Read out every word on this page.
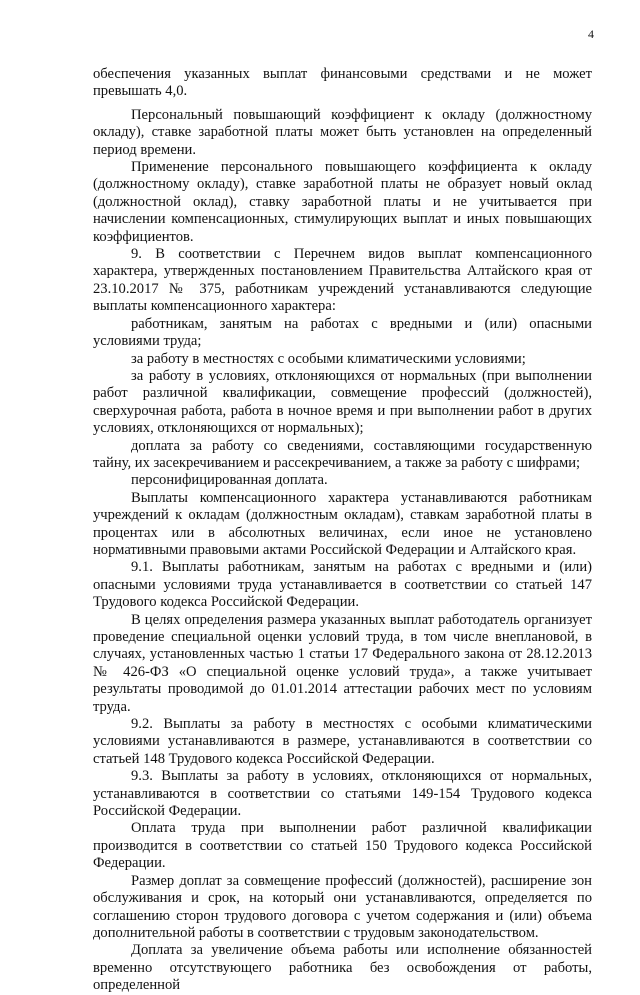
4

обеспечения указанных выплат финансовыми средствами и не может превышать 4,0.

Персональный повышающий коэффициент к окладу (должностному окладу), ставке заработной платы может быть установлен на определенный период времени.

Применение персонального повышающего коэффициента к окладу (должностному окладу), ставке заработной платы не образует новый оклад (должностной оклад), ставку заработной платы и не учитывается при начислении компенсационных, стимулирующих выплат и иных повышающих коэффициентов.

9. В соответствии с Перечнем видов выплат компенсационного характера, утвержденных постановлением Правительства Алтайского края от 23.10.2017 № 375, работникам учреждений устанавливаются следующие выплаты компенсационного характера:

работникам, занятым на работах с вредными и (или) опасными условиями труда;

за работу в местностях с особыми климатическими условиями;

за работу в условиях, отклоняющихся от нормальных (при выполнении работ различной квалификации, совмещение профессий (должностей), сверхурочная работа, работа в ночное время и при выполнении работ в других условиях, отклоняющихся от нормальных);

доплата за работу со сведениями, составляющими государственную тайну, их засекречиванием и рассекречиванием, а также за работу с шифрами;

персонифицированная доплата.

Выплаты компенсационного характера устанавливаются работникам учреждений к окладам (должностным окладам), ставкам заработной платы в процентах или в абсолютных величинах, если иное не установлено нормативными правовыми актами Российской Федерации и Алтайского края.

9.1. Выплаты работникам, занятым на работах с вредными и (или) опасными условиями труда устанавливается в соответствии со статьей 147 Трудового кодекса Российской Федерации.

В целях определения размера указанных выплат работодатель организует проведение специальной оценки условий труда, в том числе внеплановой, в случаях, установленных частью 1 статьи 17 Федерального закона от 28.12.2013 № 426-ФЗ «О специальной оценке условий труда», а также учитывает результаты проводимой до 01.01.2014 аттестации рабочих мест по условиям труда.

9.2. Выплаты за работу в местностях с особыми климатическими условиями устанавливаются в размере, устанавливаются в соответствии со статьей 148 Трудового кодекса Российской Федерации.

9.3. Выплаты за работу в условиях, отклоняющихся от нормальных, устанавливаются в соответствии со статьями 149-154 Трудового кодекса Российской Федерации.

Оплата труда при выполнении работ различной квалификации производится в соответствии со статьей 150 Трудового кодекса Российской Федерации.

Размер доплат за совмещение профессий (должностей), расширение зон обслуживания и срок, на который они устанавливаются, определяется по соглашению сторон трудового договора с учетом содержания и (или) объема дополнительной работы в соответствии с трудовым законодательством.

Доплата за увеличение объема работы или исполнение обязанностей временно отсутствующего работника без освобождения от работы, определенной
